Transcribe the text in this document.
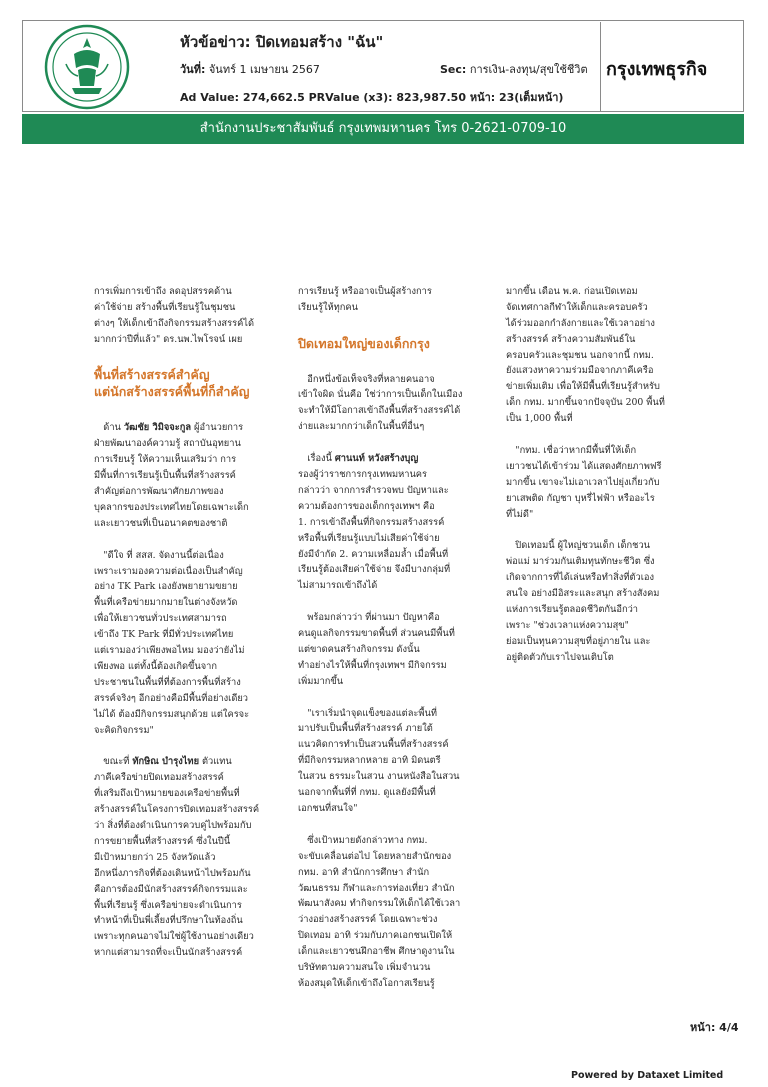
หัวข้อข่าว: ปิดเทอมสร้าง "ฉัน"
วันที่: จันทร์ 1 เมษายน 2567	Sec: การเงิน-ลงทุน/สุขใช้ชีวิต
Ad Value: 274,662.5 PRValue (x3): 823,987.50 หน้า: 23(เต็มหน้า)
กรุงเทพธุรกิจ
สำนักงานประชาสัมพันธ์ กรุงเทพมหานคร โทร 0-2621-0709-10

การเพิ่มการเข้าถึง ลดอุปสรรคด้าน
ค่าใช้จ่าย สร้างพื้นที่เรียนรู้ในชุมชน
ต่างๆ ให้เด็กเข้าถึงกิจกรรมสร้างสรรค์ได้
มากกว่าปีที่แล้ว" ดร.นพ.ไพโรจน์ เผย

พื้นที่สร้างสรรค์สำคัญ
แต่นักสร้างสรรค์พื้นที่ก็สำคัญ

 ด้าน วัฒชัย วิมิจจะกูล ผู้อำนวยการ
ฝ่ายพัฒนาองค์ความรู้ สถาบันอุทยาน
การเรียนรู้ ให้ความเห็นเสริมว่า การ
มีพื้นที่การเรียนรู้เป็นพื้นที่สร้างสรรค์
สำคัญต่อการพัฒนาศักยภาพของ
บุคลากรของประเทศไทยโดยเฉพาะเด็ก
และเยาวชนที่เป็นอนาคตของชาติ

 "ดีใจ ที่ สสส. จัดงานนี้ต่อเนื่อง
เพราะเรามองความต่อเนื่องเป็นสำคัญ
อย่าง TK Park เองยังพยายามขยาย
พื้นที่เครือข่ายมากมายในต่างจังหวัด
เพื่อให้เยาวชนทั่วประเทศสามารถ
เข้าถึง TK Park ที่มีทั่วประเทศไทย
แต่เรามองว่าเพียงพอไหม มองว่ายังไม่
เพียงพอ แต่ทั้งนี้ต้องเกิดขึ้นจาก
ประชาชนในพื้นที่ที่ต้องการพื้นที่สร้าง
สรรค์จริงๆ อีกอย่างคือมีพื้นที่อย่างเดียว
ไม่ได้ ต้องมีกิจกรรมสนุกด้วย แต่ใครจะ
จะคิดกิจกรรม"

 ขณะที่ ทักษิณ บำรุงไทย ตัวแทน
ภาคีเครือข่ายปิดเทอมสร้างสรรค์
ที่เสริมถึงเป้าหมายของเครือข่ายพื้นที่
สร้างสรรค์ในโครงการปิดเทอมสร้างสรรค์
ว่า สิ่งที่ต้องดำเนินการควบคู่ไปพร้อมกับ
การขยายพื้นที่สร้างสรรค์ ซึ่งในปีนี้
มีเป้าหมายกว่า 25 จังหวัดแล้ว
อีกหนึ่งภารกิจที่ต้องเดินหน้าไปพร้อมกัน
คือการต้องมีนักสร้างสรรค์กิจกรรมและ
พื้นที่เรียนรู้ ซึ่งเครือข่ายจะดำเนินการ
ทำหน้าที่เป็นพี่เลี้ยงที่ปรึกษาในท้องถิ่น
เพราะทุกคนอาจไม่ใช่ผู้ใช้งานอย่างเดียว
หากแต่สามารถที่จะเป็นนักสร้างสรรค์

การเรียนรู้ หรืออาจเป็นผู้สร้างการ
เรียนรู้ให้ทุกคน

ปิดเทอมใหญ่ของเด็กกรุง

 อีกหนึ่งข้อเท็จจริงที่หลายคนอาจ
เข้าใจผิด นั่นคือ ใช่ว่าการเป็นเด็กในเมือง
จะทำให้มีโอกาสเข้าถึงพื้นที่สร้างสรรค์ได้
ง่ายและมากกว่าเด็กในพื้นที่อื่นๆ

 เรื่องนี้ ศานนท์ หวังสร้างบุญ
รองผู้ว่าราชการกรุงเทพมหานคร
กล่าวว่า จากการสำรวจพบ ปัญหาและ
ความต้องการของเด็กกรุงเทพฯ คือ
1. การเข้าถึงพื้นที่กิจกรรมสร้างสรรค์
หรือพื้นที่เรียนรู้แบบไม่เสียค่าใช้จ่าย
ยังมีจำกัด 2. ความเหลื่อมล้ำ เมื่อพื้นที่
เรียนรู้ต้องเสียค่าใช้จ่าย จึงมีบางกลุ่มที่
ไม่สามารถเข้าถึงได้

 พร้อมกล่าวว่า ที่ผ่านมา ปัญหาคือ
คนดูแลกิจกรรมขาดพื้นที่ ส่วนคนมีพื้นที่
แต่ขาดคนสร้างกิจกรรม ดังนั้น
ทำอย่างไรให้พื้นที่กรุงเทพฯ มีกิจกรรม
เพิ่มมากขึ้น

 "เราเริ่มนำจุดแข็งของแต่ละพื้นที่
มาปรับเป็นพื้นที่สร้างสรรค์ ภายใต้
แนวคิดการทำเป็นสวนพื้นที่สร้างสรรค์
ที่มีกิจกรรมหลากหลาย อาทิ มิดนตรี
ในสวน ธรรมะในสวน งานหนังสือในสวน
นอกจากพื้นที่ที่ กทม. ดูแลยังมีพื้นที่
เอกชนที่สนใจ"

 ซึ่งเป้าหมายดังกล่าวทาง กทม.
จะขับเคลื่อนต่อไป โดยหลายสำนักของ
กทม. อาทิ สำนักการศึกษา สำนัก
วัฒนธรรม กีฬาและการท่องเที่ยว สำนัก
พัฒนาสังคม ทำกิจกรรมให้เด็กได้ใช้เวลา
ว่างอย่างสร้างสรรค์ โดยเฉพาะช่วง
ปิดเทอม อาทิ ร่วมกับภาคเอกชนเปิดให้
เด็กและเยาวชนฝึกอาชีพ ศึกษาดูงานใน
บริษัทตามความสนใจ เพิ่มจำนวน
ห้องสมุดให้เด็กเข้าถึงโอกาสเรียนรู้

มากขึ้น เดือน พ.ค. ก่อนเปิดเทอม
จัดเทศกาลกีฬาให้เด็กและครอบครัว
ได้ร่วมออกกำลังกายและใช้เวลาอย่าง
สร้างสรรค์ สร้างความสัมพันธ์ใน
ครอบครัวและชุมชน นอกจากนี้ กทม.
ยังแสวงหาความร่วมมือจากภาคีเครือ
ข่ายเพิ่มเติม เพื่อให้มีพื้นที่เรียนรู้สำหรับ
เด็ก กทม. มากขึ้นจากปัจจุบัน 200 พื้นที่
เป็น 1,000 พื้นที่

 "กทม. เชื่อว่าหากมีพื้นที่ให้เด็ก
เยาวชนได้เข้าร่วม ได้แสดงศักยภาพฟรี
มากขึ้น เขาจะไม่เอาเวลาไปยุ่งเกี่ยวกับ
ยาเสพติด กัญชา บุหรี่ไฟฟ้า หรืออะไร
ที่ไม่ดี"

 ปิดเทอมนี้ ผู้ใหญ่ชวนเด็ก เด็กชวน
พ่อแม่ มาร่วมกันเติมทุนทักษะชีวิต ซึ่ง
เกิดจากการที่ได้เล่นหรือทำสิ่งที่ตัวเอง
สนใจ อย่างมีอิสระและสนุก สร้างสังคม
แห่งการเรียนรู้ตลอดชีวิตกันอีกว่า
เพราะ "ช่วงเวลาแห่งความสุข"
ย่อมเป็นทุนความสุขที่อยู่ภายใน และ
อยู่ติดตัวกับเราไปจนเติบโต

หน้า: 4/4
Powered by Dataxet Limited
